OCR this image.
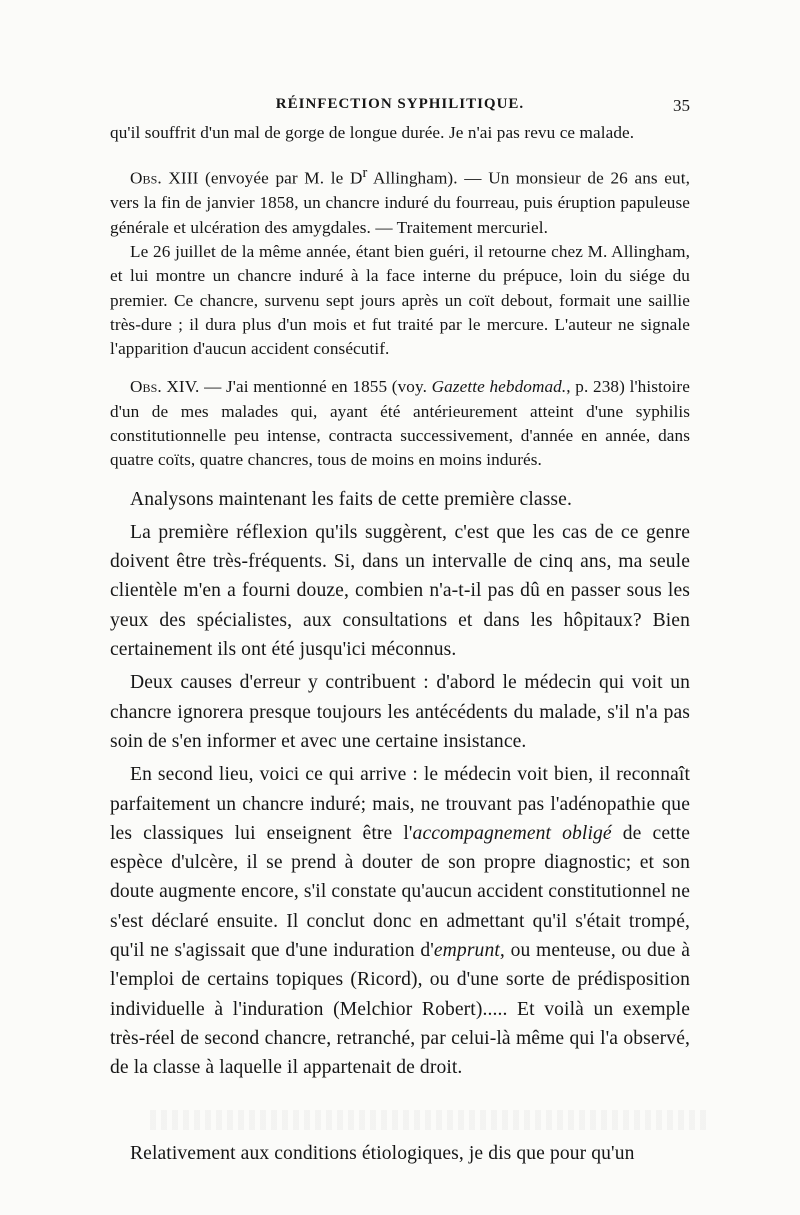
RÉINFECTION SYPHILITIQUE.	35

qu'il souffrit d'un mal de gorge de longue durée. Je n'ai pas revu ce malade.

Obs. XIII (envoyée par M. le $D^r$ Allingham). — Un monsieur de 26 ans eut, vers la fin de janvier 1858, un chancre induré du fourreau, puis éruption papuleuse générale et ulcération des amygdales. — Traitement mercuriel.

Le 26 juillet de la même année, étant bien guéri, il retourne chez M. Allingham, et lui montre un chancre induré à la face interne du prépuce, loin du siége du premier. Ce chancre, survenu sept jours après un coït debout, formait une saillie très-dure ; il dura plus d'un mois et fut traité par le mercure. L'auteur ne signale l'apparition d'aucun accident consécutif.

Obs. XIV. — J'ai mentionné en 1855 (voy. Gazette hebdomad., p. 238) l'histoire d'un de mes malades qui, ayant été antérieurement atteint d'une syphilis constitutionnelle peu intense, contracta successivement, d'année en année, dans quatre coïts, quatre chancres, tous de moins en moins indurés.

Analysons maintenant les faits de cette première classe.

La première réflexion qu'ils suggèrent, c'est que les cas de ce genre doivent être très-fréquents. Si, dans un intervalle de cinq ans, ma seule clientèle m'en a fourni douze, combien n'a-t-il pas dû en passer sous les yeux des spécialistes, aux consultations et dans les hôpitaux? Bien certainement ils ont été jusqu'ici méconnus.

Deux causes d'erreur y contribuent : d'abord le médecin qui voit un chancre ignorera presque toujours les antécédents du malade, s'il n'a pas soin de s'en informer et avec une certaine insistance.

En second lieu, voici ce qui arrive : le médecin voit bien, il reconnaît parfaitement un chancre induré; mais, ne trouvant pas l'adénopathie que les classiques lui enseignent être l'accompagnement obligé de cette espèce d'ulcère, il se prend à douter de son propre diagnostic; et son doute augmente encore, s'il constate qu'aucun accident constitutionnel ne s'est déclaré ensuite. Il conclut donc en admettant qu'il s'était trompé, qu'il ne s'agissait que d'une induration d'emprunt, ou menteuse, ou due à l'emploi de certains topiques (Ricord), ou d'une sorte de prédisposition individuelle à l'induration (Melchior Robert)..... Et voilà un exemple très-réel de second chancre, retranché, par celui-là même qui l'a observé, de la classe à laquelle il appartenait de droit.

Relativement aux conditions étiologiques, je dis que pour qu'un
